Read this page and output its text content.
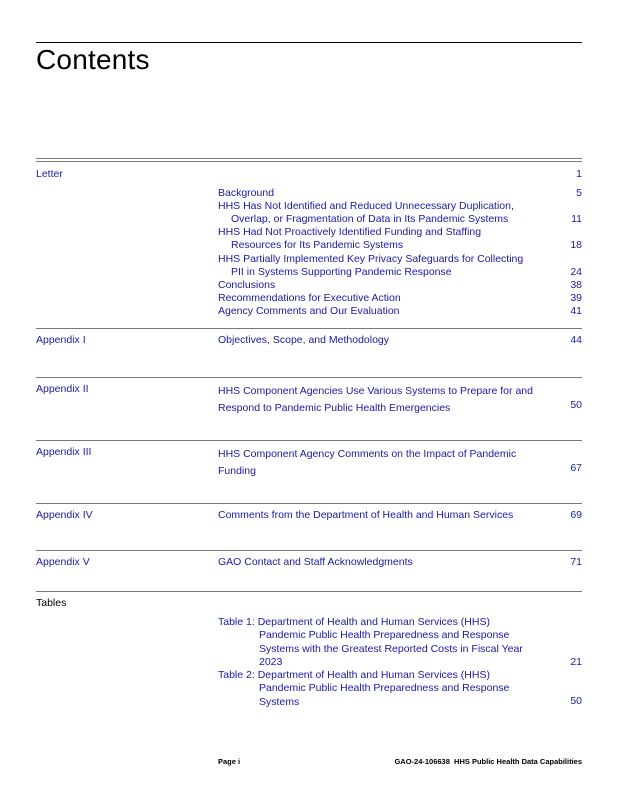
Contents
Letter	1
Background	5
HHS Has Not Identified and Reduced Unnecessary Duplication,
Overlap, or Fragmentation of Data in Its Pandemic Systems	11
HHS Had Not Proactively Identified Funding and Staffing
Resources for Its Pandemic Systems	18
HHS Partially Implemented Key Privacy Safeguards for Collecting
PII in Systems Supporting Pandemic Response	24
Conclusions	38
Recommendations for Executive Action	39
Agency Comments and Our Evaluation	41
Appendix I	Objectives, Scope, and Methodology	44
Appendix II	HHS Component Agencies Use Various Systems to Prepare for and
Respond to Pandemic Public Health Emergencies	50
Appendix III	HHS Component Agency Comments on the Impact of Pandemic
Funding	67
Appendix IV	Comments from the Department of Health and Human Services	69
Appendix V	GAO Contact and Staff Acknowledgments	71
Tables
Table 1: Department of Health and Human Services (HHS)
Pandemic Public Health Preparedness and Response
Systems with the Greatest Reported Costs in Fiscal Year
2023	21
Table 2: Department of Health and Human Services (HHS)
Pandemic Public Health Preparedness and Response
Systems	50
Page i	GAO-24-106638  HHS Public Health Data Capabilities
